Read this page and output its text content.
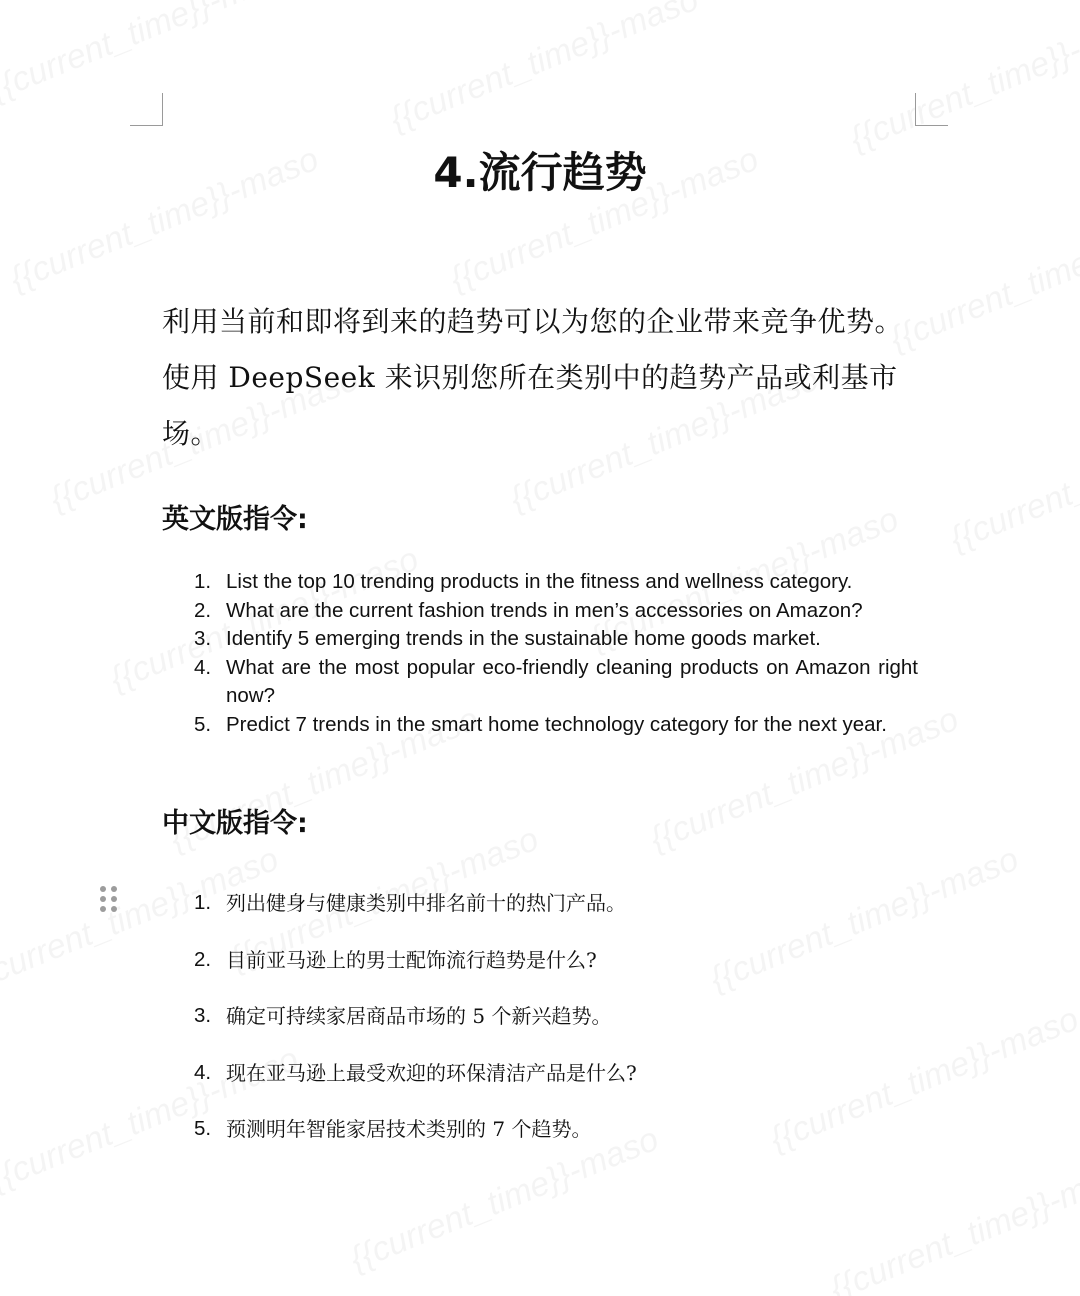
4.流行趋势

利用当前和即将到来的趋势可以为您的企业带来竞争优势。使用 DeepSeek 来识别您所在类别中的趋势产品或利基市场。

英文版指令:
1. List the top 10 trending products in the fitness and wellness category.
2. What are the current fashion trends in men’s accessories on Amazon?
3. Identify 5 emerging trends in the sustainable home goods market.
4. What are the most popular eco-friendly cleaning products on Amazon right now?
5. Predict 7 trends in the smart home technology category for the next year.
中文版指令:
1. 列出健身与健康类别中排名前十的热门产品。
2. 目前亚马逊上的男士配饰流行趋势是什么?
3. 确定可持续家居商品市场的 5 个新兴趋势。
4. 现在亚马逊上最受欢迎的环保清洁产品是什么?
5. 预测明年智能家居技术类别的 7 个趋势。
